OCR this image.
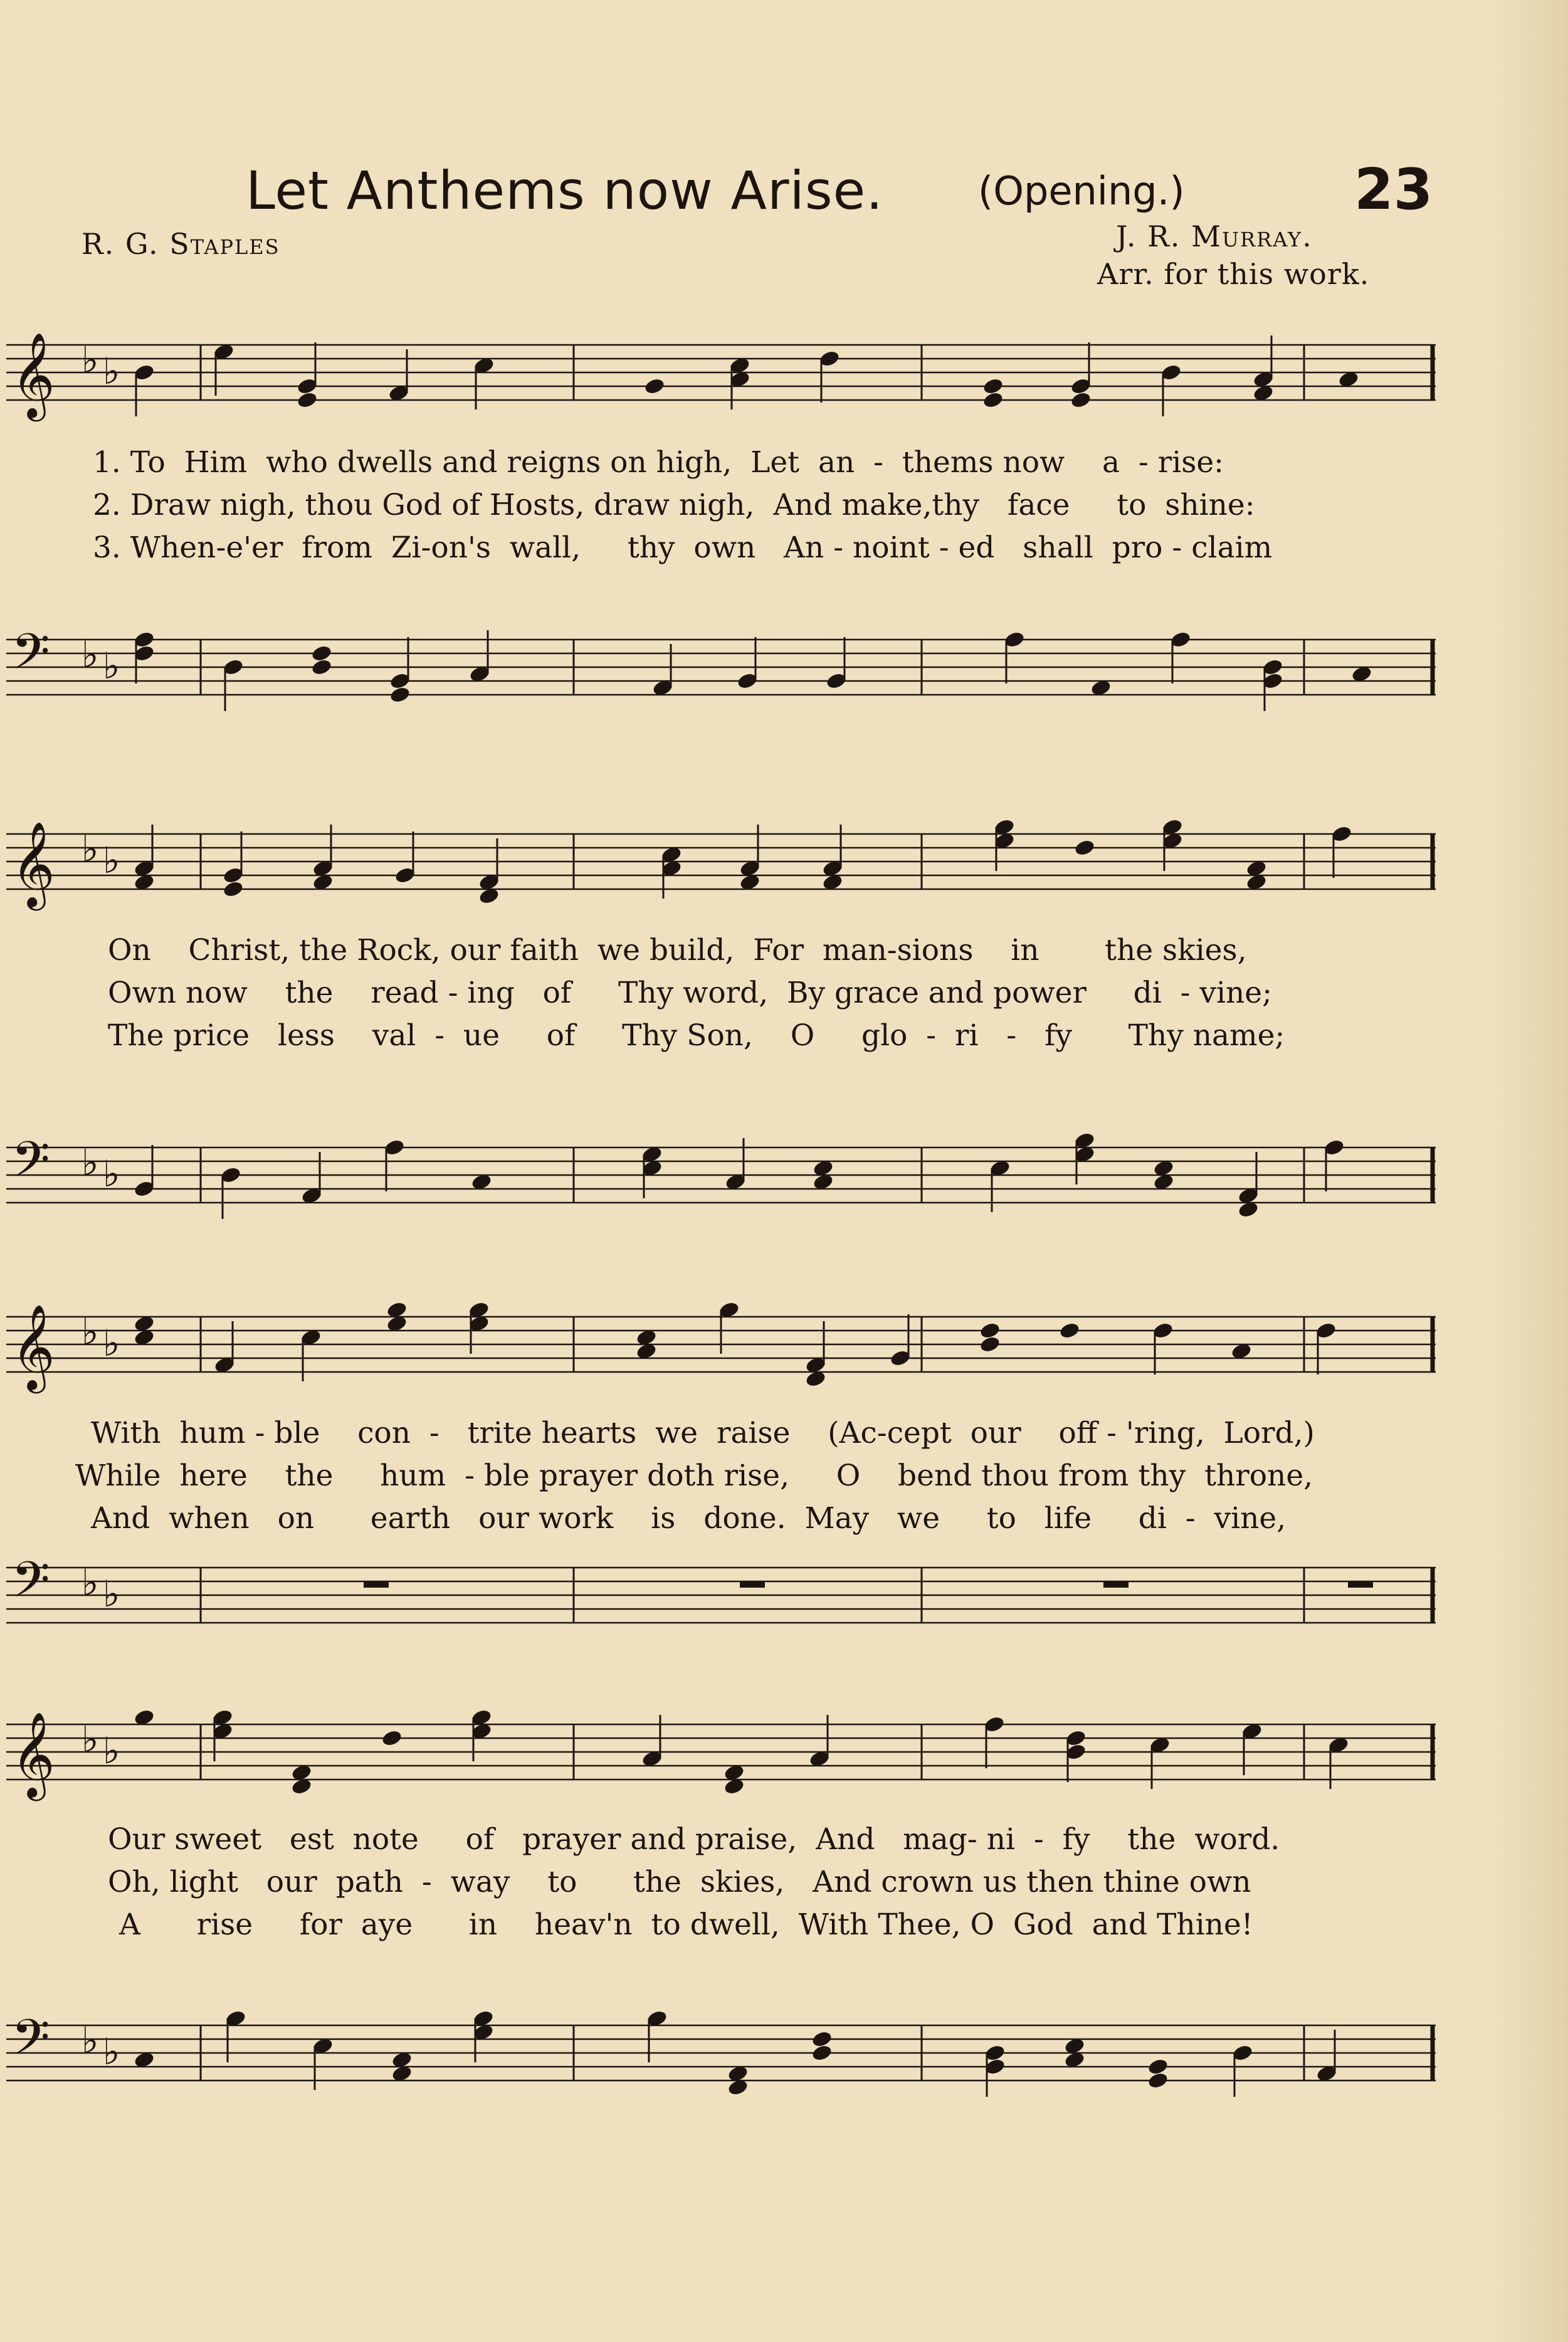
Let Anthems now Arise. (Opening.)	23
R. G. Staples	J. R. Murray.
Arr. for this work.
𝄞 ♭ ♭
1. To  Him  who dwells and reigns on high,  Let  an  -  thems now    a  - rise:
2. Draw nigh, thou God of Hosts, draw nigh,  And make,thy   face     to  shine:
3. When-e'er  from  Zi-on's  wall,     thy  own   An - noint - ed   shall  pro - claim
𝄢 ♭ ♭
𝄞 ♭ ♭
On    Christ, the Rock, our faith  we build,  For  man-sions    in       the skies,
Own now    the    read - ing   of     Thy word,  By grace and power     di  - vine;
The price   less    val  -  ue     of     Thy Son,    O     glo  -  ri   -   fy      Thy name;
𝄢 ♭ ♭
𝄞 ♭ ♭
With  hum - ble    con  -   trite hearts  we  raise    (Ac-cept  our    off - 'ring,  Lord,)
While  here    the     hum  - ble prayer doth rise,     O    bend thou from thy  throne,
And  when   on      earth   our work    is   done.  May   we     to   life     di  -  vine,
𝄢 ♭ ♭
𝄞 ♭ ♭
Our sweet   est  note     of   prayer and praise,  And   mag- ni  -  fy    the  word.
Oh, light   our  path  -  way    to      the  skies,   And crown us then thine own
A      rise     for  aye      in    heav'n  to dwell,  With Thee, O  God  and Thine!
𝄢 ♭ ♭
